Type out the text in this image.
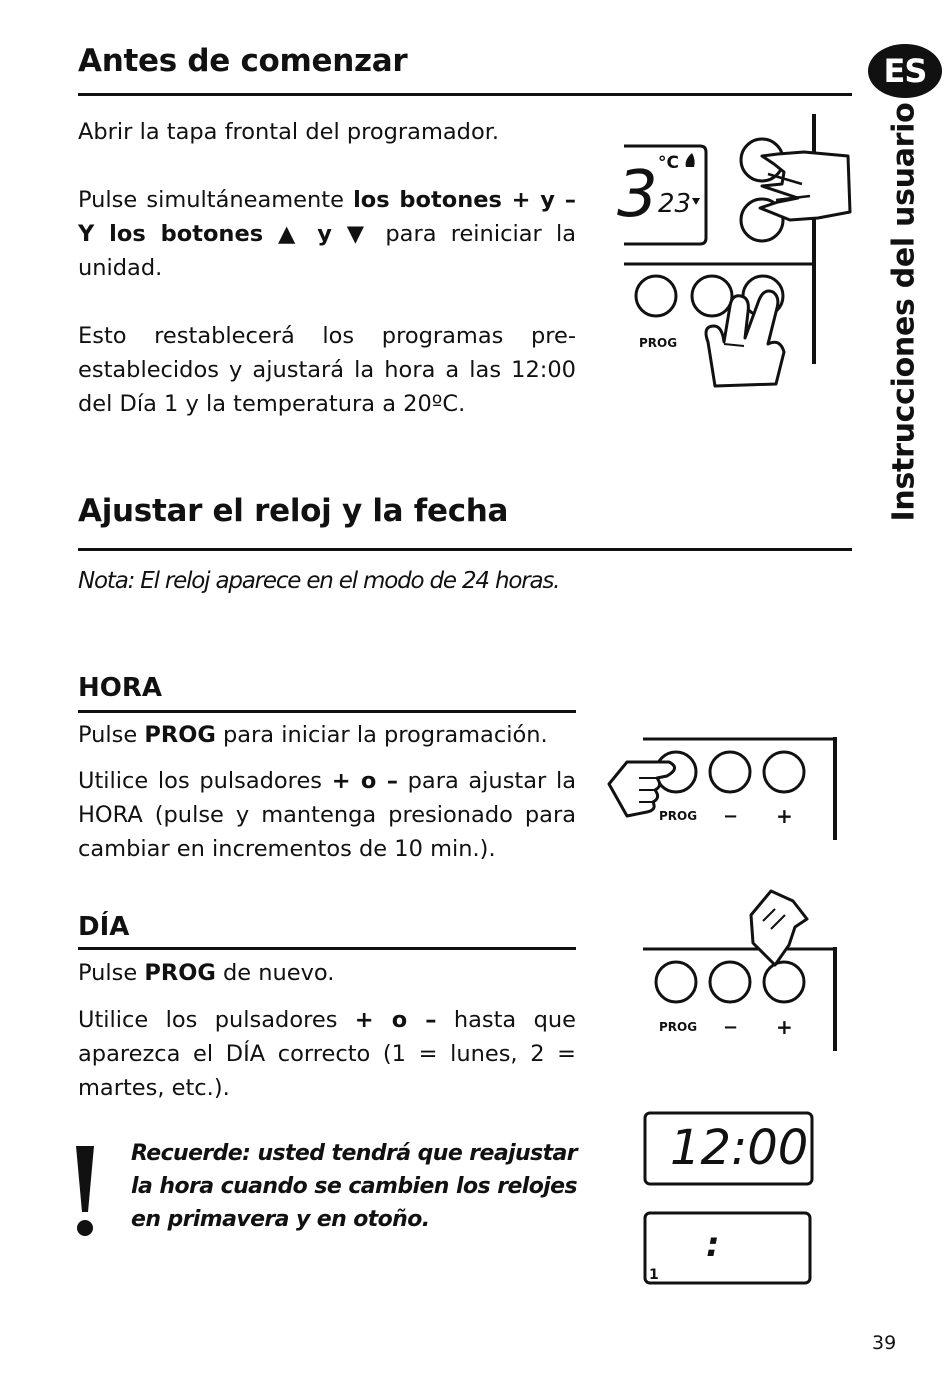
ES
Instrucciones del usuario
Antes de comenzar

Abrir la tapa frontal del programador.

Pulse simultáneamente los botones + y – Y los botones ▲ y ▼ para reiniciar la unidad.

Esto restablecerá los programas pre-establecidos y ajustará la hora a las 12:00 del Día 1 y la temperatura a 20ºC.

3 °C
23
PROG
Ajustar el reloj y la fecha

Nota: El reloj aparece en el modo de 24 horas.

HORA

Pulse PROG para iniciar la programación.

Utilice los pulsadores + o – para ajustar la HORA (pulse y mantenga presionado para cambiar en incrementos de 10 min.).

PROG − +
DÍA

Pulse PROG de nuevo.

Utilice los pulsadores + o – hasta que aparezca el DÍA correcto (1 = lunes, 2 = martes, etc.).

PROG − +
12:00
:
1

Recuerde: usted tendrá que reajustar la hora cuando se cambien los relojes en primavera y en otoño.

39
